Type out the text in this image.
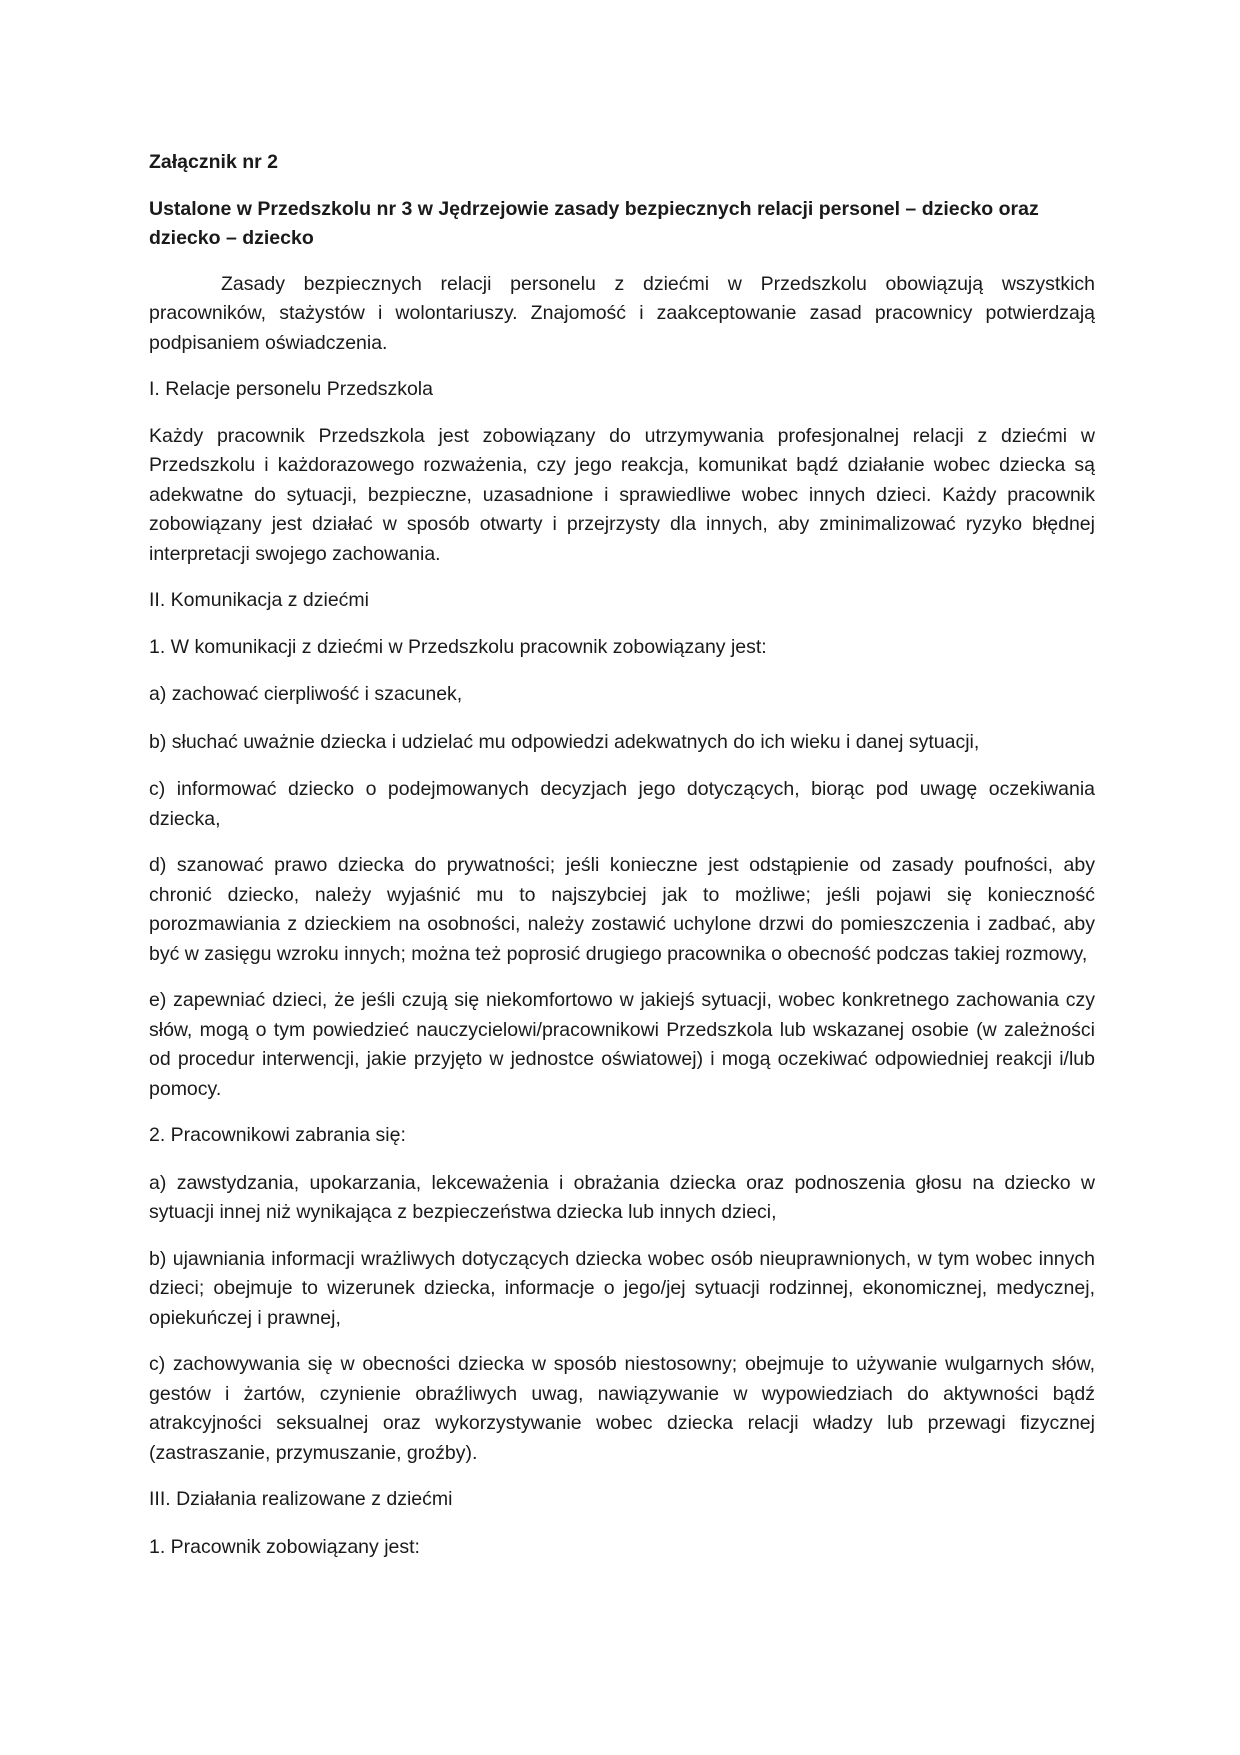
Załącznik nr 2

Ustalone w Przedszkolu nr 3 w Jędrzejowie zasady bezpiecznych relacji personel – dziecko oraz dziecko – dziecko

Zasady bezpiecznych relacji personelu z dziećmi w Przedszkolu obowiązują wszystkich pracowników, stażystów i wolontariuszy. Znajomość i zaakceptowanie zasad pracownicy potwierdzają podpisaniem oświadczenia.

I. Relacje personelu Przedszkola

Każdy pracownik Przedszkola jest zobowiązany do utrzymywania profesjonalnej relacji z dziećmi w Przedszkolu i każdorazowego rozważenia, czy jego reakcja, komunikat bądź działanie wobec dziecka są adekwatne do sytuacji, bezpieczne, uzasadnione i sprawiedliwe wobec innych dzieci. Każdy pracownik zobowiązany jest działać w sposób otwarty i przejrzysty dla innych, aby zminimalizować ryzyko błędnej interpretacji swojego zachowania.

II. Komunikacja z dziećmi

1. W komunikacji z dziećmi w Przedszkolu pracownik zobowiązany jest:

a) zachować cierpliwość i szacunek,

b) słuchać uważnie dziecka i udzielać mu odpowiedzi adekwatnych do ich wieku i danej sytuacji,

c) informować dziecko o podejmowanych decyzjach jego dotyczących, biorąc pod uwagę oczekiwania dziecka,

d) szanować prawo dziecka do prywatności; jeśli konieczne jest odstąpienie od zasady poufności, aby chronić dziecko, należy wyjaśnić mu to najszybciej jak to możliwe; jeśli pojawi się konieczność porozmawiania z dzieckiem na osobności, należy zostawić uchylone drzwi do pomieszczenia i zadbać, aby być w zasięgu wzroku innych; można też poprosić drugiego pracownika o obecność podczas takiej rozmowy,

e) zapewniać dzieci, że jeśli czują się niekomfortowo w jakiejś sytuacji, wobec konkretnego zachowania czy słów, mogą o tym powiedzieć nauczycielowi/pracownikowi Przedszkola lub wskazanej osobie (w zależności od procedur interwencji, jakie przyjęto w jednostce oświatowej) i mogą oczekiwać odpowiedniej reakcji i/lub pomocy.

2. Pracownikowi zabrania się:

a) zawstydzania, upokarzania, lekceważenia i obrażania dziecka oraz podnoszenia głosu na dziecko w sytuacji innej niż wynikająca z bezpieczeństwa dziecka lub innych dzieci,

b) ujawniania informacji wrażliwych dotyczących dziecka wobec osób nieuprawnionych, w tym wobec innych dzieci; obejmuje to wizerunek dziecka, informacje o jego/jej sytuacji rodzinnej, ekonomicznej, medycznej, opiekuńczej i prawnej,

c) zachowywania się w obecności dziecka w sposób niestosowny; obejmuje to używanie wulgarnych słów, gestów i żartów, czynienie obraźliwych uwag, nawiązywanie w wypowiedziach do aktywności bądź atrakcyjności seksualnej oraz wykorzystywanie wobec dziecka relacji władzy lub przewagi fizycznej (zastraszanie, przymuszanie, groźby).

III. Działania realizowane z dziećmi

1. Pracownik zobowiązany jest:
